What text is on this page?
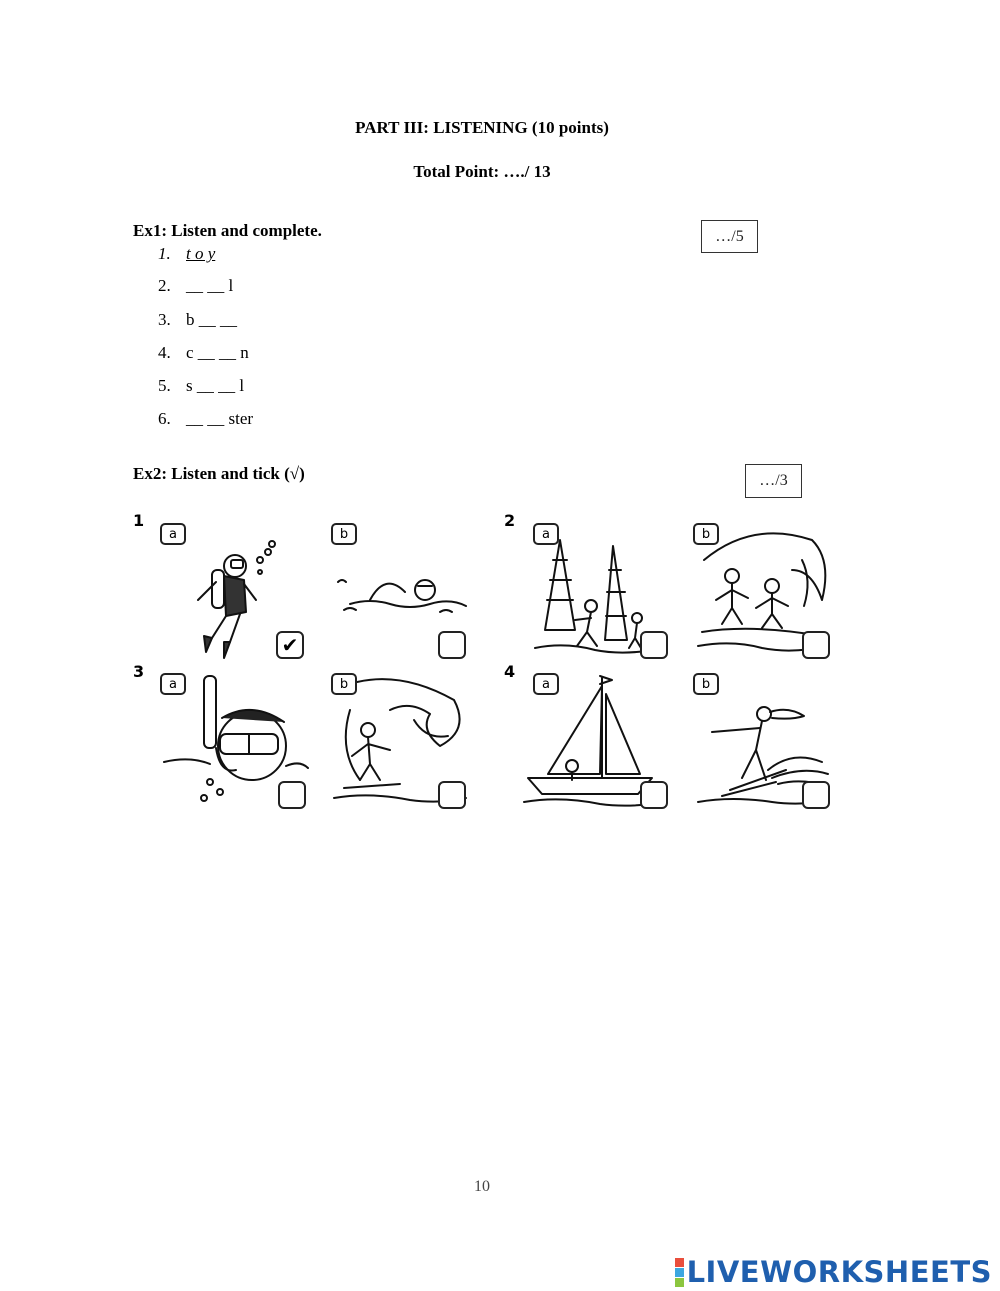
PART III: LISTENING (10 points)
Total Point: …./ 13
Ex1: Listen and complete.	…/5
1. t o y
2. __ __ l
3. b __ __
4. c __ __ n
5. s __ __ l
6. __ __ ster
Ex2: Listen and tick (√)	…/3
1	2
3	4
a
✔
b	a	b
a	b	a	b
10
LIVEWORKSHEETS
